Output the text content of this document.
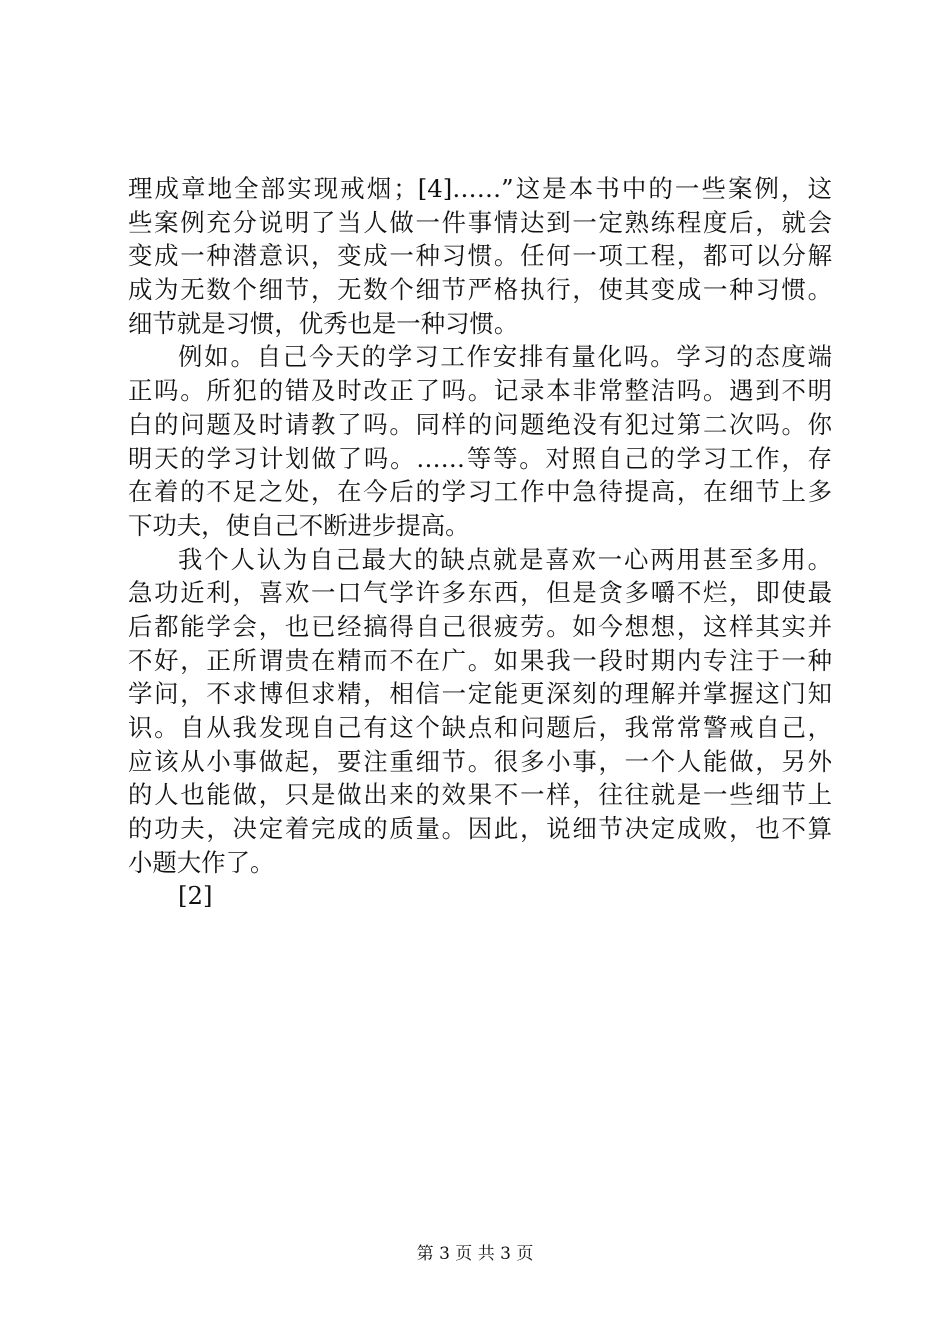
理成章地全部实现戒烟；[4]……”这是本书中的一些案例，这
些案例充分说明了当人做一件事情达到一定熟练程度后，就会
变成一种潜意识，变成一种习惯。任何一项工程，都可以分解
成为无数个细节，无数个细节严格执行，使其变成一种习惯。
细节就是习惯，优秀也是一种习惯。
例如。自己今天的学习工作安排有量化吗。学习的态度端
正吗。所犯的错及时改正了吗。记录本非常整洁吗。遇到不明
白的问题及时请教了吗。同样的问题绝没有犯过第二次吗。你
明天的学习计划做了吗。……等等。对照自己的学习工作，存
在着的不足之处，在今后的学习工作中急待提高，在细节上多
下功夫，使自己不断进步提高。
我个人认为自己最大的缺点就是喜欢一心两用甚至多用。
急功近利，喜欢一口气学许多东西，但是贪多嚼不烂，即使最
后都能学会，也已经搞得自己很疲劳。如今想想，这样其实并
不好，正所谓贵在精而不在广。如果我一段时期内专注于一种
学问，不求博但求精，相信一定能更深刻的理解并掌握这门知
识。自从我发现自己有这个缺点和问题后，我常常警戒自己，
应该从小事做起，要注重细节。很多小事，一个人能做，另外
的人也能做，只是做出来的效果不一样，往往就是一些细节上
的功夫，决定着完成的质量。因此，说细节决定成败，也不算
小题大作了。
[2]
第 3 页 共 3 页
